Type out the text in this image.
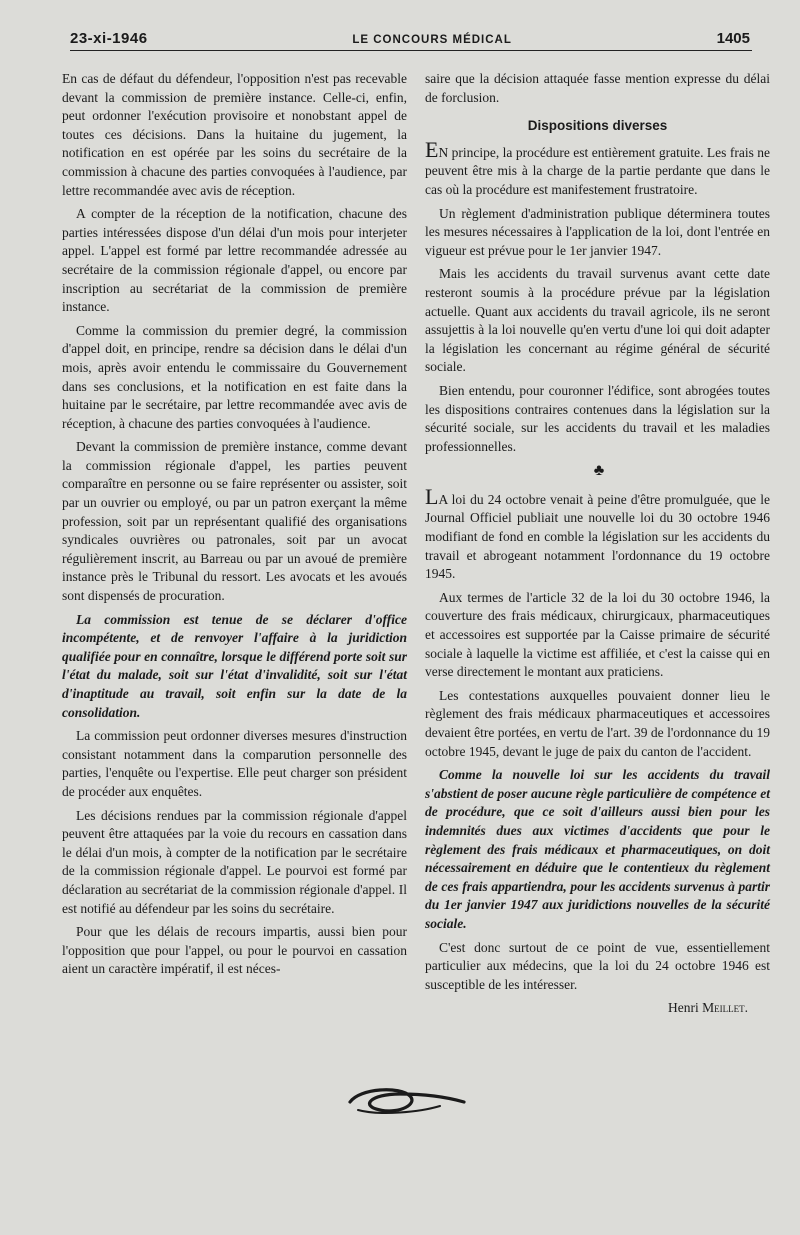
23-xi-1946	LE CONCOURS MÉDICAL	1405

En cas de défaut du défendeur, l'opposition n'est pas recevable devant la commission de première instance. Celle-ci, enfin, peut ordonner l'exécution provisoire et nonobstant appel de toutes ces décisions. Dans la huitaine du jugement, la notification en est opérée par les soins du secrétaire de la commission à chacune des parties convoquées à l'audience, par lettre recommandée avec avis de réception.

A compter de la réception de la notification, chacune des parties intéressées dispose d'un délai d'un mois pour interjeter appel. L'appel est formé par lettre recommandée adressée au secrétaire de la commission régionale d'appel, ou encore par inscription au secrétariat de la commission de première instance.

Comme la commission du premier degré, la commission d'appel doit, en principe, rendre sa décision dans le délai d'un mois, après avoir entendu le commissaire du Gouvernement dans ses conclusions, et la notification en est faite dans la huitaine par le secrétaire, par lettre recommandée avec avis de réception, à chacune des parties convoquées à l'audience.

Devant la commission de première instance, comme devant la commission régionale d'appel, les parties peuvent comparaître en personne ou se faire représenter ou assister, soit par un ouvrier ou employé, ou par un patron exerçant la même profession, soit par un représentant qualifié des organisations syndicales ouvrières ou patronales, soit par un avocat régulièrement inscrit, au Barreau ou par un avoué de première instance près le Tribunal du ressort. Les avocats et les avoués sont dispensés de procuration.

La commission est tenue de se déclarer d'office incompétente, et de renvoyer l'affaire à la juridiction qualifiée pour en connaître, lorsque le différend porte soit sur l'état du malade, soit sur l'état d'invalidité, soit sur l'état d'inaptitude au travail, soit enfin sur la date de la consolidation.

La commission peut ordonner diverses mesures d'instruction consistant notamment dans la comparution personnelle des parties, l'enquête ou l'expertise. Elle peut charger son président de procéder aux enquêtes.

Les décisions rendues par la commission régionale d'appel peuvent être attaquées par la voie du recours en cassation dans le délai d'un mois, à compter de la notification par le secrétaire de la commission régionale d'appel. Le pourvoi est formé par déclaration au secrétariat de la commission régionale d'appel. Il est notifié au défendeur par les soins du secrétaire.

Pour que les délais de recours impartis, aussi bien pour l'opposition que pour l'appel, ou pour le pourvoi en cassation aient un caractère impératif, il est néces-

saire que la décision attaquée fasse mention expresse du délai de forclusion.

Dispositions diverses

EN principe, la procédure est entièrement gratuite. Les frais ne peuvent être mis à la charge de la partie perdante que dans le cas où la procédure est manifestement frustratoire.

Un règlement d'administration publique déterminera toutes les mesures nécessaires à l'application de la loi, dont l'entrée en vigueur est prévue pour le 1er janvier 1947.

Mais les accidents du travail survenus avant cette date resteront soumis à la procédure prévue par la législation actuelle. Quant aux accidents du travail agricole, ils ne seront assujettis à la loi nouvelle qu'en vertu d'une loi qui doit adapter la législation les concernant au régime général de sécurité sociale.

Bien entendu, pour couronner l'édifice, sont abrogées toutes les dispositions contraires contenues dans la législation sur la sécurité sociale, sur les accidents du travail et les maladies professionnelles.

♣

LA loi du 24 octobre venait à peine d'être promulguée, que le Journal Officiel publiait une nouvelle loi du 30 octobre 1946 modifiant de fond en comble la législation sur les accidents du travail et abrogeant notamment l'ordonnance du 19 octobre 1945.

Aux termes de l'article 32 de la loi du 30 octobre 1946, la couverture des frais médicaux, chirurgicaux, pharmaceutiques et accessoires est supportée par la Caisse primaire de sécurité sociale à laquelle la victime est affiliée, et c'est la caisse qui en verse directement le montant aux praticiens.

Les contestations auxquelles pouvaient donner lieu le règlement des frais médicaux pharmaceutiques et accessoires devaient être portées, en vertu de l'art. 39 de l'ordonnance du 19 octobre 1945, devant le juge de paix du canton de l'accident.

Comme la nouvelle loi sur les accidents du travail s'abstient de poser aucune règle particulière de compétence et de procédure, que ce soit d'ailleurs aussi bien pour les indemnités dues aux victimes d'accidents que pour le règlement des frais médicaux et pharmaceutiques, on doit nécessairement en déduire que le contentieux du règlement de ces frais appartiendra, pour les accidents survenus à partir du 1er janvier 1947 aux juridictions nouvelles de la sécurité sociale.

C'est donc surtout de ce point de vue, essentiellement particulier aux médecins, que la loi du 24 octobre 1946 est susceptible de les intéresser.

Henri Meillet.
